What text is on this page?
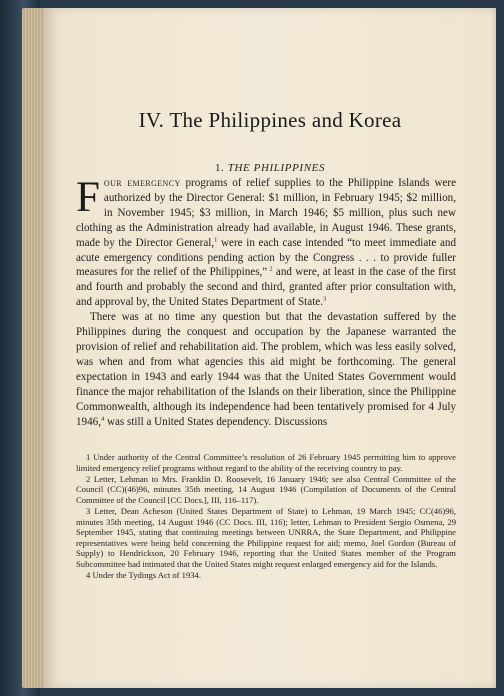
IV. The Philippines and Korea
1. THE PHILIPPINES

Four emergency programs of relief supplies to the Philippine Islands were authorized by the Director General: $1 million, in February 1945; $2 million, in November 1945; $3 million, in March 1946; $5 million, plus such new clothing as the Administration already had available, in August 1946. These grants, made by the Director General,$^1$ were in each case intended “to meet immediate and acute emergency conditions pending action by the Congress . . . to provide fuller measures for the relief of the Philippines,” $^2$ and were, at least in the case of the first and fourth and probably the second and third, granted after prior consultation with, and approval by, the United States Department of State.$^3$

There was at no time any question but that the devastation suffered by the Philippines during the conquest and occupation by the Japanese warranted the provision of relief and rehabilitation aid. The problem, which was less easily solved, was when and from what agencies this aid might be forthcoming. The general expectation in 1943 and early 1944 was that the United States Government would finance the major rehabilitation of the Islands on their liberation, since the Philippine Commonwealth, although its independence had been tentatively promised for 4 July 1946,$^4$ was still a United States dependency. Discussions

1 Under authority of the Central Committee’s resolution of 26 February 1945 permitting him to approve limited emergency relief programs without regard to the ability of the receiving country to pay.

2 Letter, Lehman to Mrs. Franklin D. Roosevelt, 16 January 1946; see also Central Committee of the Council (CC)(46)96, minutes 35th meeting, 14 August 1946 (Compilation of Documents of the Central Committee of the Council [CC Docs.], III, 116–117).

3 Letter, Dean Acheson (United States Department of State) to Lehman, 19 March 1945; CC(46)96, minutes 35th meeting, 14 August 1946 (CC Docs. III, 116); letter, Lehman to President Sergio Osmena, 29 September 1945, stating that continuing meetings between UNRRA, the State Department, and Philippine representatives were being held concerning the Philippine request for aid; memo, Joel Gordon (Bureau of Supply) to Hendrickson, 20 February 1946, reporting that the United States member of the Program Subcommittee had intimated that the United States might request enlarged emergency aid for the Islands.

4 Under the Tydings Act of 1934.
